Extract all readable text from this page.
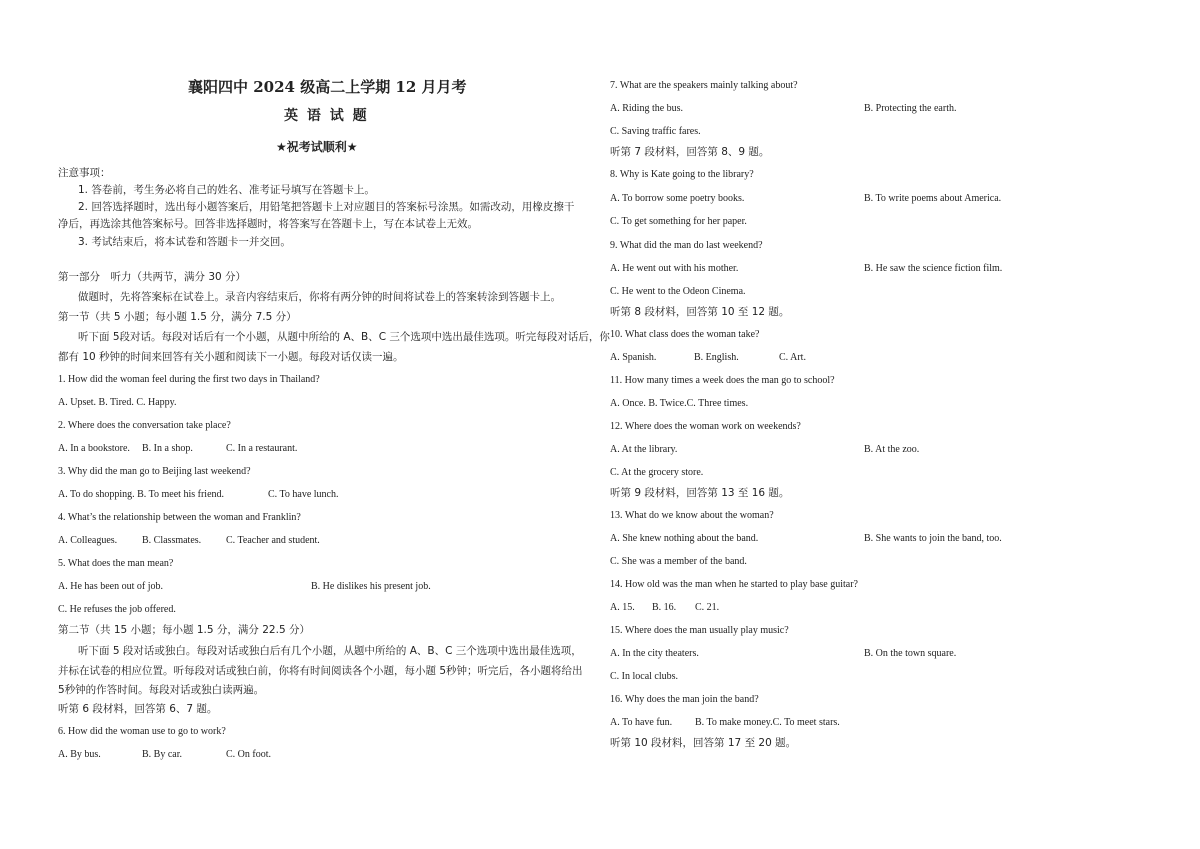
襄阳四中 2024 级高二上学期 12 月月考
英 语 试 题
★祝考试顺利★
注意事项：
1. 答卷前，考生务必将自己的姓名、准考证号填写在答题卡上。
2. 回答选择题时，选出每小题答案后，用铅笔把答题卡上对应题目的答案标号涂黑。如需改动，用橡皮擦干
净后，再选涂其他答案标号。回答非选择题时，将答案写在答题卡上，写在本试卷上无效。
3. 考试结束后，将本试卷和答题卡一并交回。
第一部分　听力（共两节，满分 30 分）
做题时，先将答案标在试卷上。录音内容结束后，你将有两分钟的时间将试卷上的答案转涂到答题卡上。
第一节（共 5 小题；每小题 1.5 分，满分 7.5 分）
听下面 5段对话。每段对话后有一个小题，从题中所给的 A、B、C 三个选项中选出最佳选项。听完每段对话后，你
都有 10 秒钟的时间来回答有关小题和阅读下一小题。每段对话仅读一遍。
1. How did the woman feel during the first two days in Thailand?
A. Upset. B. Tired. C. Happy.
2. Where does the conversation take place?
A. In a bookstore. B. In a shop.	C. In a restaurant.
3. Why did the man go to Beijing last weekend?
A. To do shopping. B. To meet his friend.	C. To have lunch.
4. What’s the relationship between the woman and Franklin?
A. Colleagues. B. Classmates. C. Teacher and student.
5. What does the man mean?
A. He has been out of job.	B. He dislikes his present job.
C. He refuses the job offered.
第二节（共 15 小题；每小题 1.5 分，满分 22.5 分）
听下面 5 段对话或独白。每段对话或独白后有几个小题，从题中所给的 A、B、C 三个选项中选出最佳选项，
并标在试卷的相应位置。听每段对话或独白前，你将有时间阅读各个小题，每小题 5秒钟；听完后，各小题将给出
5秒钟的作答时间。每段对话或独白读两遍。
听第 6 段材料，回答第 6、7 题。
6. How did the woman use to go to work?
A. By bus.	B. By car.	C. On foot.
7. What are the speakers mainly talking about?
A. Riding the bus.	B. Protecting the earth.
C. Saving traffic fares.
听第 7 段材料，回答第 8、9 题。
8. Why is Kate going to the library?
A. To borrow some poetry books.	B. To write poems about America.
C. To get something for her paper.
9. What did the man do last weekend?
A. He went out with his mother.	B. He saw the science fiction film.
C. He went to the Odeon Cinema.
听第 8 段材料，回答第 10 至 12 题。
10. What class does the woman take?
A. Spanish.	B. English.	C. Art.
11. How many times a week does the man go to school?
A. Once. B. Twice.C. Three times.
12. Where does the woman work on weekends?
A. At the library.	B. At the zoo.
C. At the grocery store.
听第 9 段材料，回答第 13 至 16 题。
13. What do we know about the woman?
A. She knew nothing about the band.	B. She wants to join the band, too.
C. She was a member of the band.
14. How old was the man when he started to play base guitar?
A. 15. B. 16. C. 21.
15. Where does the man usually play music?
A. In the city theaters.	B. On the town square.
C. In local clubs.
16. Why does the man join the band?
A. To have fun. B. To make money.C. To meet stars.
听第 10 段材料，回答第 17 至 20 题。
